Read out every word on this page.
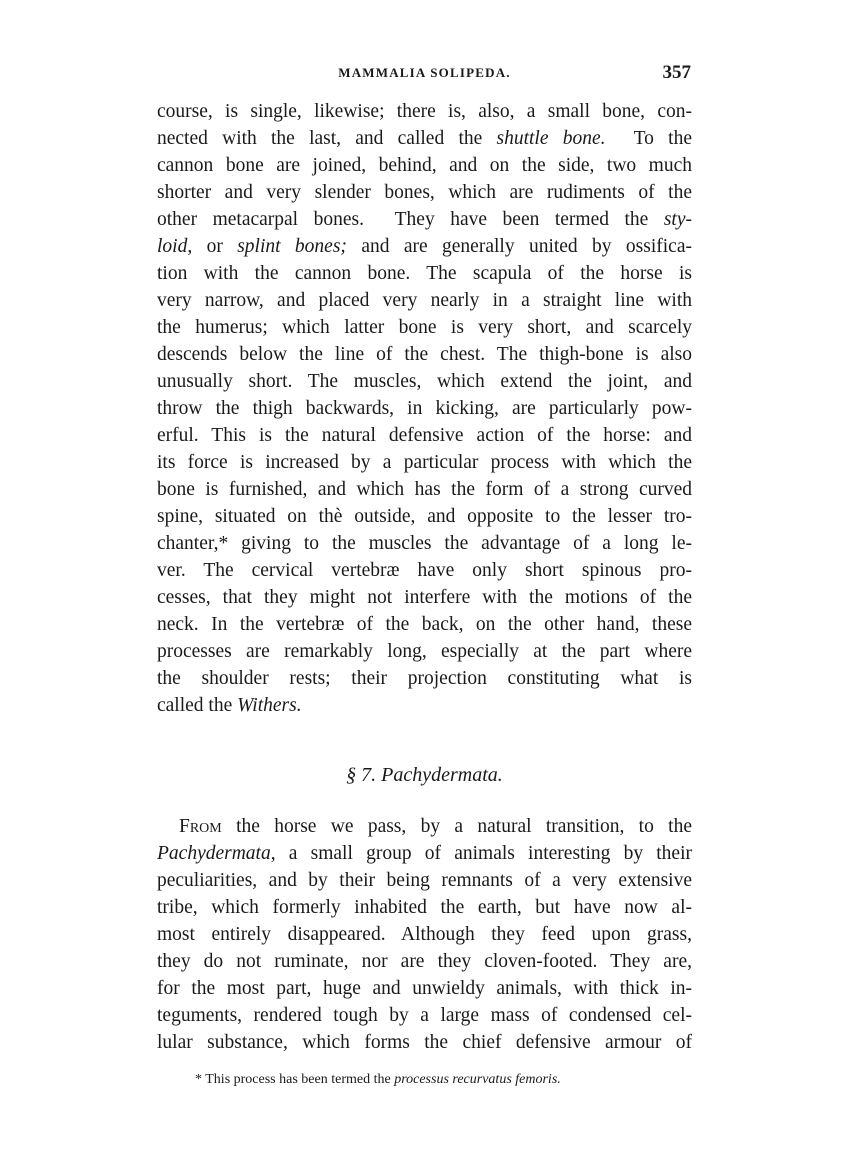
MAMMALIA SOLIPEDA.	357
course, is single, likewise; there is, also, a small bone, con-
nected with the last, and called the shuttle bone.  To the
cannon bone are joined, behind, and on the side, two much
shorter and very slender bones, which are rudiments of the
other metacarpal bones.  They have been termed the sty-
loid, or splint bones; and are generally united by ossifica-
tion with the cannon bone. The scapula of the horse is
very narrow, and placed very nearly in a straight line with
the humerus; which latter bone is very short, and scarcely
descends below the line of the chest. The thigh-bone is also
unusually short. The muscles, which extend the joint, and
throw the thigh backwards, in kicking, are particularly pow-
erful. This is the natural defensive action of the horse: and
its force is increased by a particular process with which the
bone is furnished, and which has the form of a strong curved
spine, situated on thè outside, and opposite to the lesser tro-
chanter,* giving to the muscles the advantage of a long le-
ver. The cervical vertebræ have only short spinous pro-
cesses, that they might not interfere with the motions of the
neck. In the vertebræ of the back, on the other hand, these
processes are remarkably long, especially at the part where
the shoulder rests; their projection constituting what is
called the Withers.
§ 7. Pachydermata.
From the horse we pass, by a natural transition, to the
Pachydermata, a small group of animals interesting by their
peculiarities, and by their being remnants of a very extensive
tribe, which formerly inhabited the earth, but have now al-
most entirely disappeared. Although they feed upon grass,
they do not ruminate, nor are they cloven-footed. They are,
for the most part, huge and unwieldy animals, with thick in-
teguments, rendered tough by a large mass of condensed cel-
lular substance, which forms the chief defensive armour of
* This process has been termed the processus recurvatus femoris.
